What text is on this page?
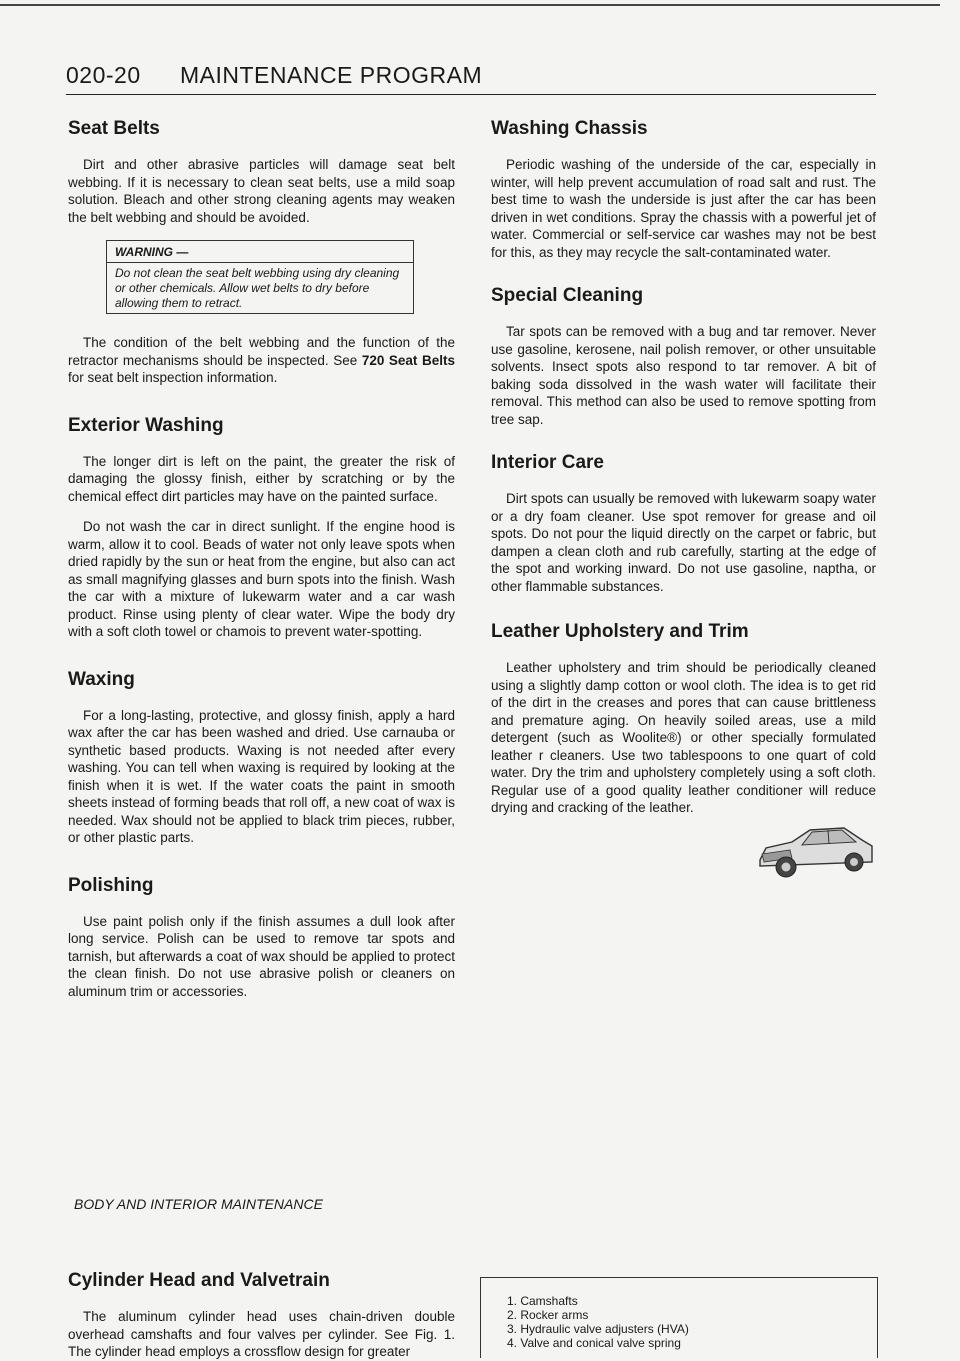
020-20 MAINTENANCE PROGRAM
Seat Belts

Dirt and other abrasive particles will damage seat belt webbing. If it is necessary to clean seat belts, use a mild soap solution. Bleach and other strong cleaning agents may weaken the belt webbing and should be avoided.

WARNING —
Do not clean the seat belt webbing using dry cleaning or other chemicals. Allow wet belts to dry before allowing them to retract.

The condition of the belt webbing and the function of the retractor mechanisms should be inspected. See 720 Seat Belts for seat belt inspection information.

Exterior Washing

The longer dirt is left on the paint, the greater the risk of damaging the glossy finish, either by scratching or by the chemical effect dirt particles may have on the painted surface.

Do not wash the car in direct sunlight. If the engine hood is warm, allow it to cool. Beads of water not only leave spots when dried rapidly by the sun or heat from the engine, but also can act as small magnifying glasses and burn spots into the finish. Wash the car with a mixture of lukewarm water and a car wash product. Rinse using plenty of clear water. Wipe the body dry with a soft cloth towel or chamois to prevent water-spotting.

Waxing

For a long-lasting, protective, and glossy finish, apply a hard wax after the car has been washed and dried. Use carnauba or synthetic based products. Waxing is not needed after every washing. You can tell when waxing is required by looking at the finish when it is wet. If the water coats the paint in smooth sheets instead of forming beads that roll off, a new coat of wax is needed. Wax should not be applied to black trim pieces, rubber, or other plastic parts.

Polishing

Use paint polish only if the finish assumes a dull look after long service. Polish can be used to remove tar spots and tarnish, but afterwards a coat of wax should be applied to protect the clean finish. Do not use abrasive polish or cleaners on aluminum trim or accessories.

Washing Chassis

Periodic washing of the underside of the car, especially in winter, will help prevent accumulation of road salt and rust. The best time to wash the underside is just after the car has been driven in wet conditions. Spray the chassis with a powerful jet of water. Commercial or self-service car washes may not be best for this, as they may recycle the salt-contaminated water.

Special Cleaning

Tar spots can be removed with a bug and tar remover. Never use gasoline, kerosene, nail polish remover, or other unsuitable solvents. Insect spots also respond to tar remover. A bit of baking soda dissolved in the wash water will facilitate their removal. This method can also be used to remove spotting from tree sap.

Interior Care

Dirt spots can usually be removed with lukewarm soapy water or a dry foam cleaner. Use spot remover for grease and oil spots. Do not pour the liquid directly on the carpet or fabric, but dampen a clean cloth and rub carefully, starting at the edge of the spot and working inward. Do not use gasoline, naptha, or other flammable substances.

Leather Upholstery and Trim

Leather upholstery and trim should be periodically cleaned using a slightly damp cotton or wool cloth. The idea is to get rid of the dirt in the creases and pores that can cause brittleness and premature aging. On heavily soiled areas, use a mild detergent (such as Woolite®) or other specially formulated leather r cleaners. Use two tablespoons to one quart of cold water. Dry the trim and upholstery completely using a soft cloth. Regular use of a good quality leather conditioner will reduce drying and cracking of the leather.

BODY AND INTERIOR MAINTENANCE
Cylinder Head and Valvetrain

The aluminum cylinder head uses chain-driven double overhead camshafts and four valves per cylinder. See Fig. 1. The cylinder head employs a crossflow design for greater

1. Camshafts
2. Rocker arms
3. Hydraulic valve adjusters (HVA)
4. Valve and conical valve spring
